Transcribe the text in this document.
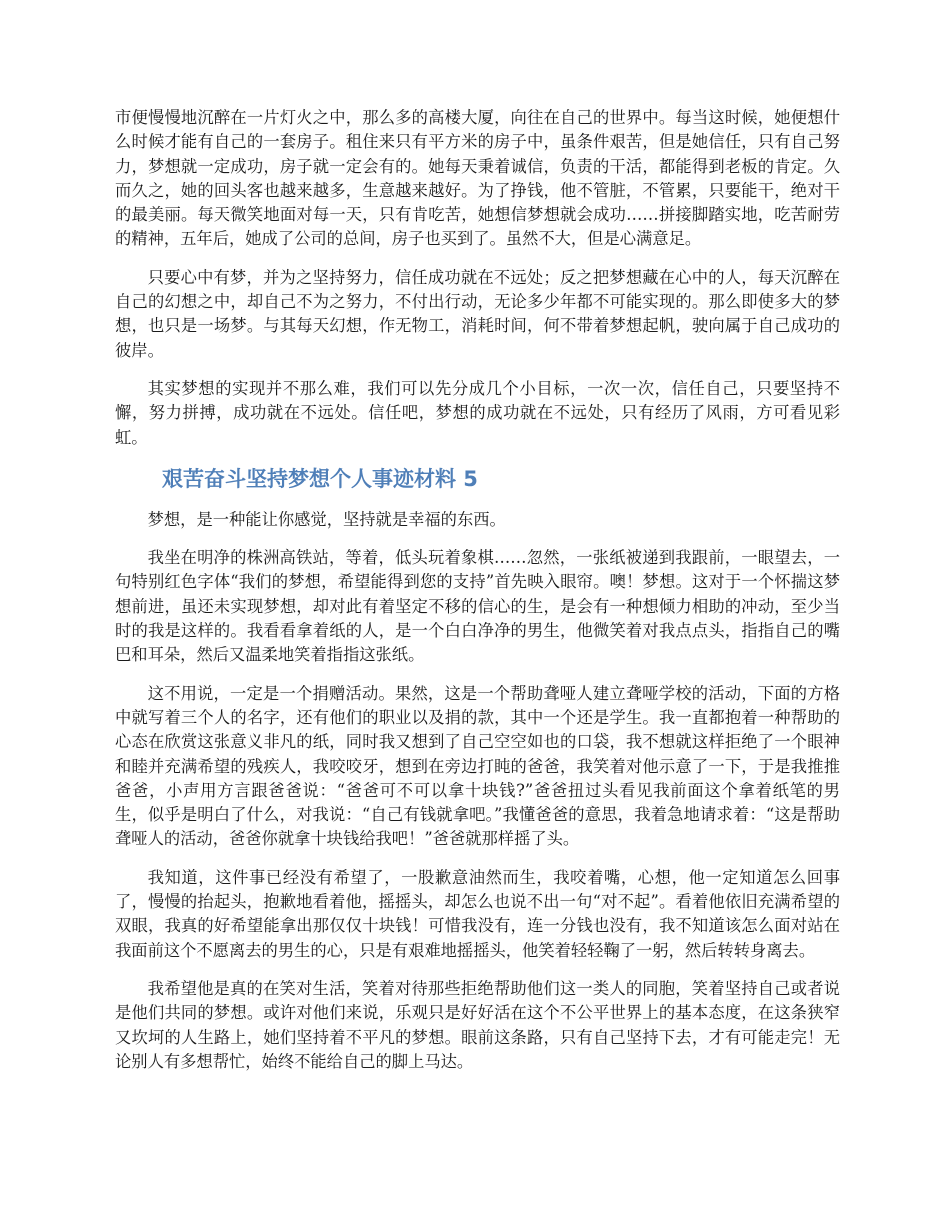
市便慢慢地沉醉在一片灯火之中，那么多的高楼大厦，向往在自己的世界中。每当这时候，她便想什么时候才能有自己的一套房子。租住来只有平方米的房子中，虽条件艰苦，但是她信任，只有自己努力，梦想就一定成功，房子就一定会有的。她每天秉着诚信，负责的干活，都能得到老板的肯定。久而久之，她的回头客也越来越多，生意越来越好。为了挣钱，他不管脏，不管累，只要能干，绝对干的最美丽。每天微笑地面对每一天，只有肯吃苦，她想信梦想就会成功……拼接脚踏实地，吃苦耐劳的精神，五年后，她成了公司的总间，房子也买到了。虽然不大，但是心满意足。

只要心中有梦，并为之坚持努力，信任成功就在不远处；反之把梦想藏在心中的人，每天沉醉在自己的幻想之中，却自己不为之努力，不付出行动，无论多少年都不可能实现的。那么即使多大的梦想，也只是一场梦。与其每天幻想，作无物工，消耗时间，何不带着梦想起帆，驶向属于自己成功的彼岸。

其实梦想的实现并不那么难，我们可以先分成几个小目标，一次一次，信任自己，只要坚持不懈，努力拼搏，成功就在不远处。信任吧，梦想的成功就在不远处，只有经历了风雨，方可看见彩虹。

艰苦奋斗坚持梦想个人事迹材料 5

梦想，是一种能让你感觉，坚持就是幸福的东西。

我坐在明净的株洲高铁站，等着，低头玩着象棋……忽然，一张纸被递到我跟前，一眼望去，一句特别红色字体“我们的梦想，希望能得到您的支持”首先映入眼帘。噢！梦想。这对于一个怀揣这梦想前进，虽还未实现梦想，却对此有着坚定不移的信心的生，是会有一种想倾力相助的冲动，至少当时的我是这样的。我看看拿着纸的人，是一个白白净净的男生，他微笑着对我点点头，指指自己的嘴巴和耳朵，然后又温柔地笑着指指这张纸。

这不用说，一定是一个捐赠活动。果然，这是一个帮助聋哑人建立聋哑学校的活动，下面的方格中就写着三个人的名字，还有他们的职业以及捐的款，其中一个还是学生。我一直都抱着一种帮助的心态在欣赏这张意义非凡的纸，同时我又想到了自己空空如也的口袋，我不想就这样拒绝了一个眼神和睦并充满希望的残疾人，我咬咬牙，想到在旁边打盹的爸爸，我笑着对他示意了一下，于是我推推爸爸，小声用方言跟爸爸说：“爸爸可不可以拿十块钱?”爸爸扭过头看见我前面这个拿着纸笔的男生，似乎是明白了什么，对我说：“自己有钱就拿吧。”我懂爸爸的意思，我着急地请求着：“这是帮助聋哑人的活动，爸爸你就拿十块钱给我吧！”爸爸就那样摇了头。

我知道，这件事已经没有希望了，一股歉意油然而生，我咬着嘴，心想，他一定知道怎么回事了，慢慢的抬起头，抱歉地看着他，摇摇头，却怎么也说不出一句“对不起”。看着他依旧充满希望的双眼，我真的好希望能拿出那仅仅十块钱！可惜我没有，连一分钱也没有，我不知道该怎么面对站在我面前这个不愿离去的男生的心，只是有艰难地摇摇头，他笑着轻轻鞠了一躬，然后转转身离去。

我希望他是真的在笑对生活，笑着对待那些拒绝帮助他们这一类人的同胞，笑着坚持自己或者说是他们共同的梦想。或许对他们来说，乐观只是好好活在这个不公平世界上的基本态度，在这条狭窄又坎坷的人生路上，她们坚持着不平凡的梦想。眼前这条路，只有自己坚持下去，才有可能走完！无论别人有多想帮忙，始终不能给自己的脚上马达。
